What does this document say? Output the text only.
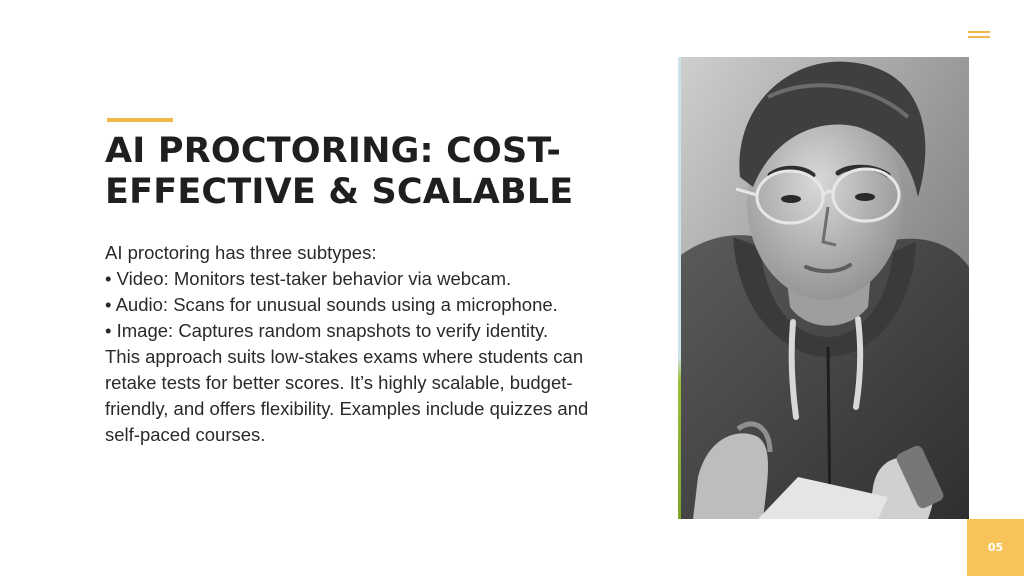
AI PROCTORING: COST-
EFFECTIVE & SCALABLE
AI proctoring has three subtypes:
• Video: Monitors test-taker behavior via webcam.
• Audio: Scans for unusual sounds using a microphone.
• Image: Captures random snapshots to verify identity.
This approach suits low-stakes exams where students can
retake tests for better scores. It’s highly scalable, budget-
friendly, and offers flexibility. Examples include quizzes and
self-paced courses.
05
